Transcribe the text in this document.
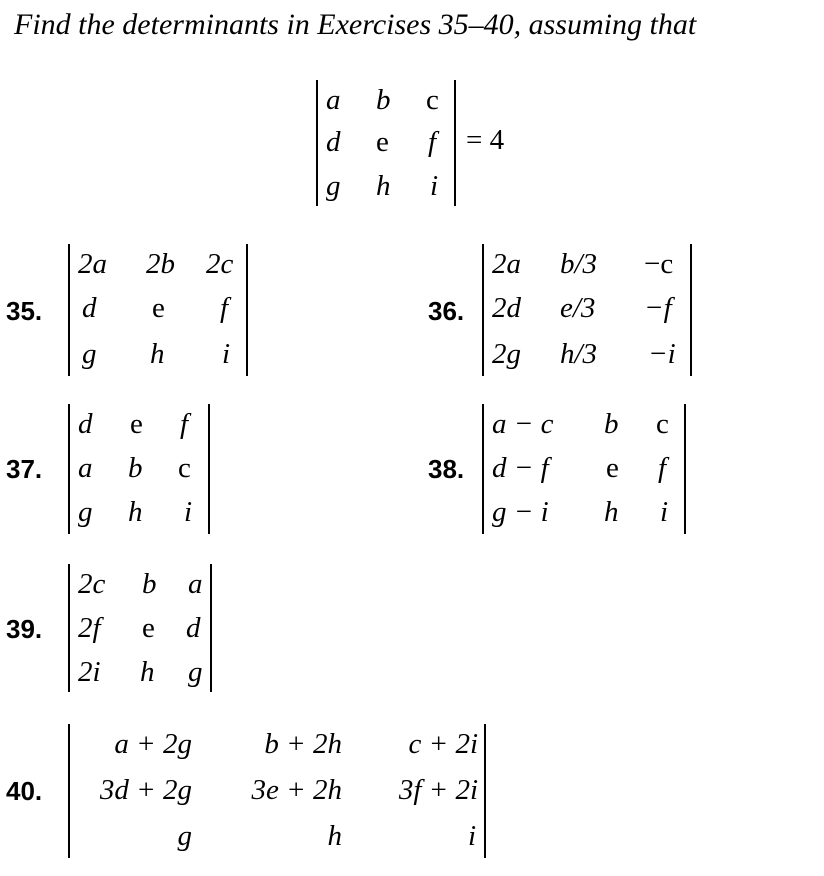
Find the determinants in Exercises 35–40, assuming that
a b c
d e f
g h i
= 4
35.
2a 2b 2c
d e f
g h i
36.
2a b/3 −c
2d e/3 −f
2g h/3 −i
37.
d e f
a b c
g h i
38.
a − c b c
d − f e f
g − i h i
39.
2c b a
2f e d
2i h g
40.
a + 2g b + 2h c + 2i
3d + 2g 3e + 2h 3f + 2i
g	h	i
